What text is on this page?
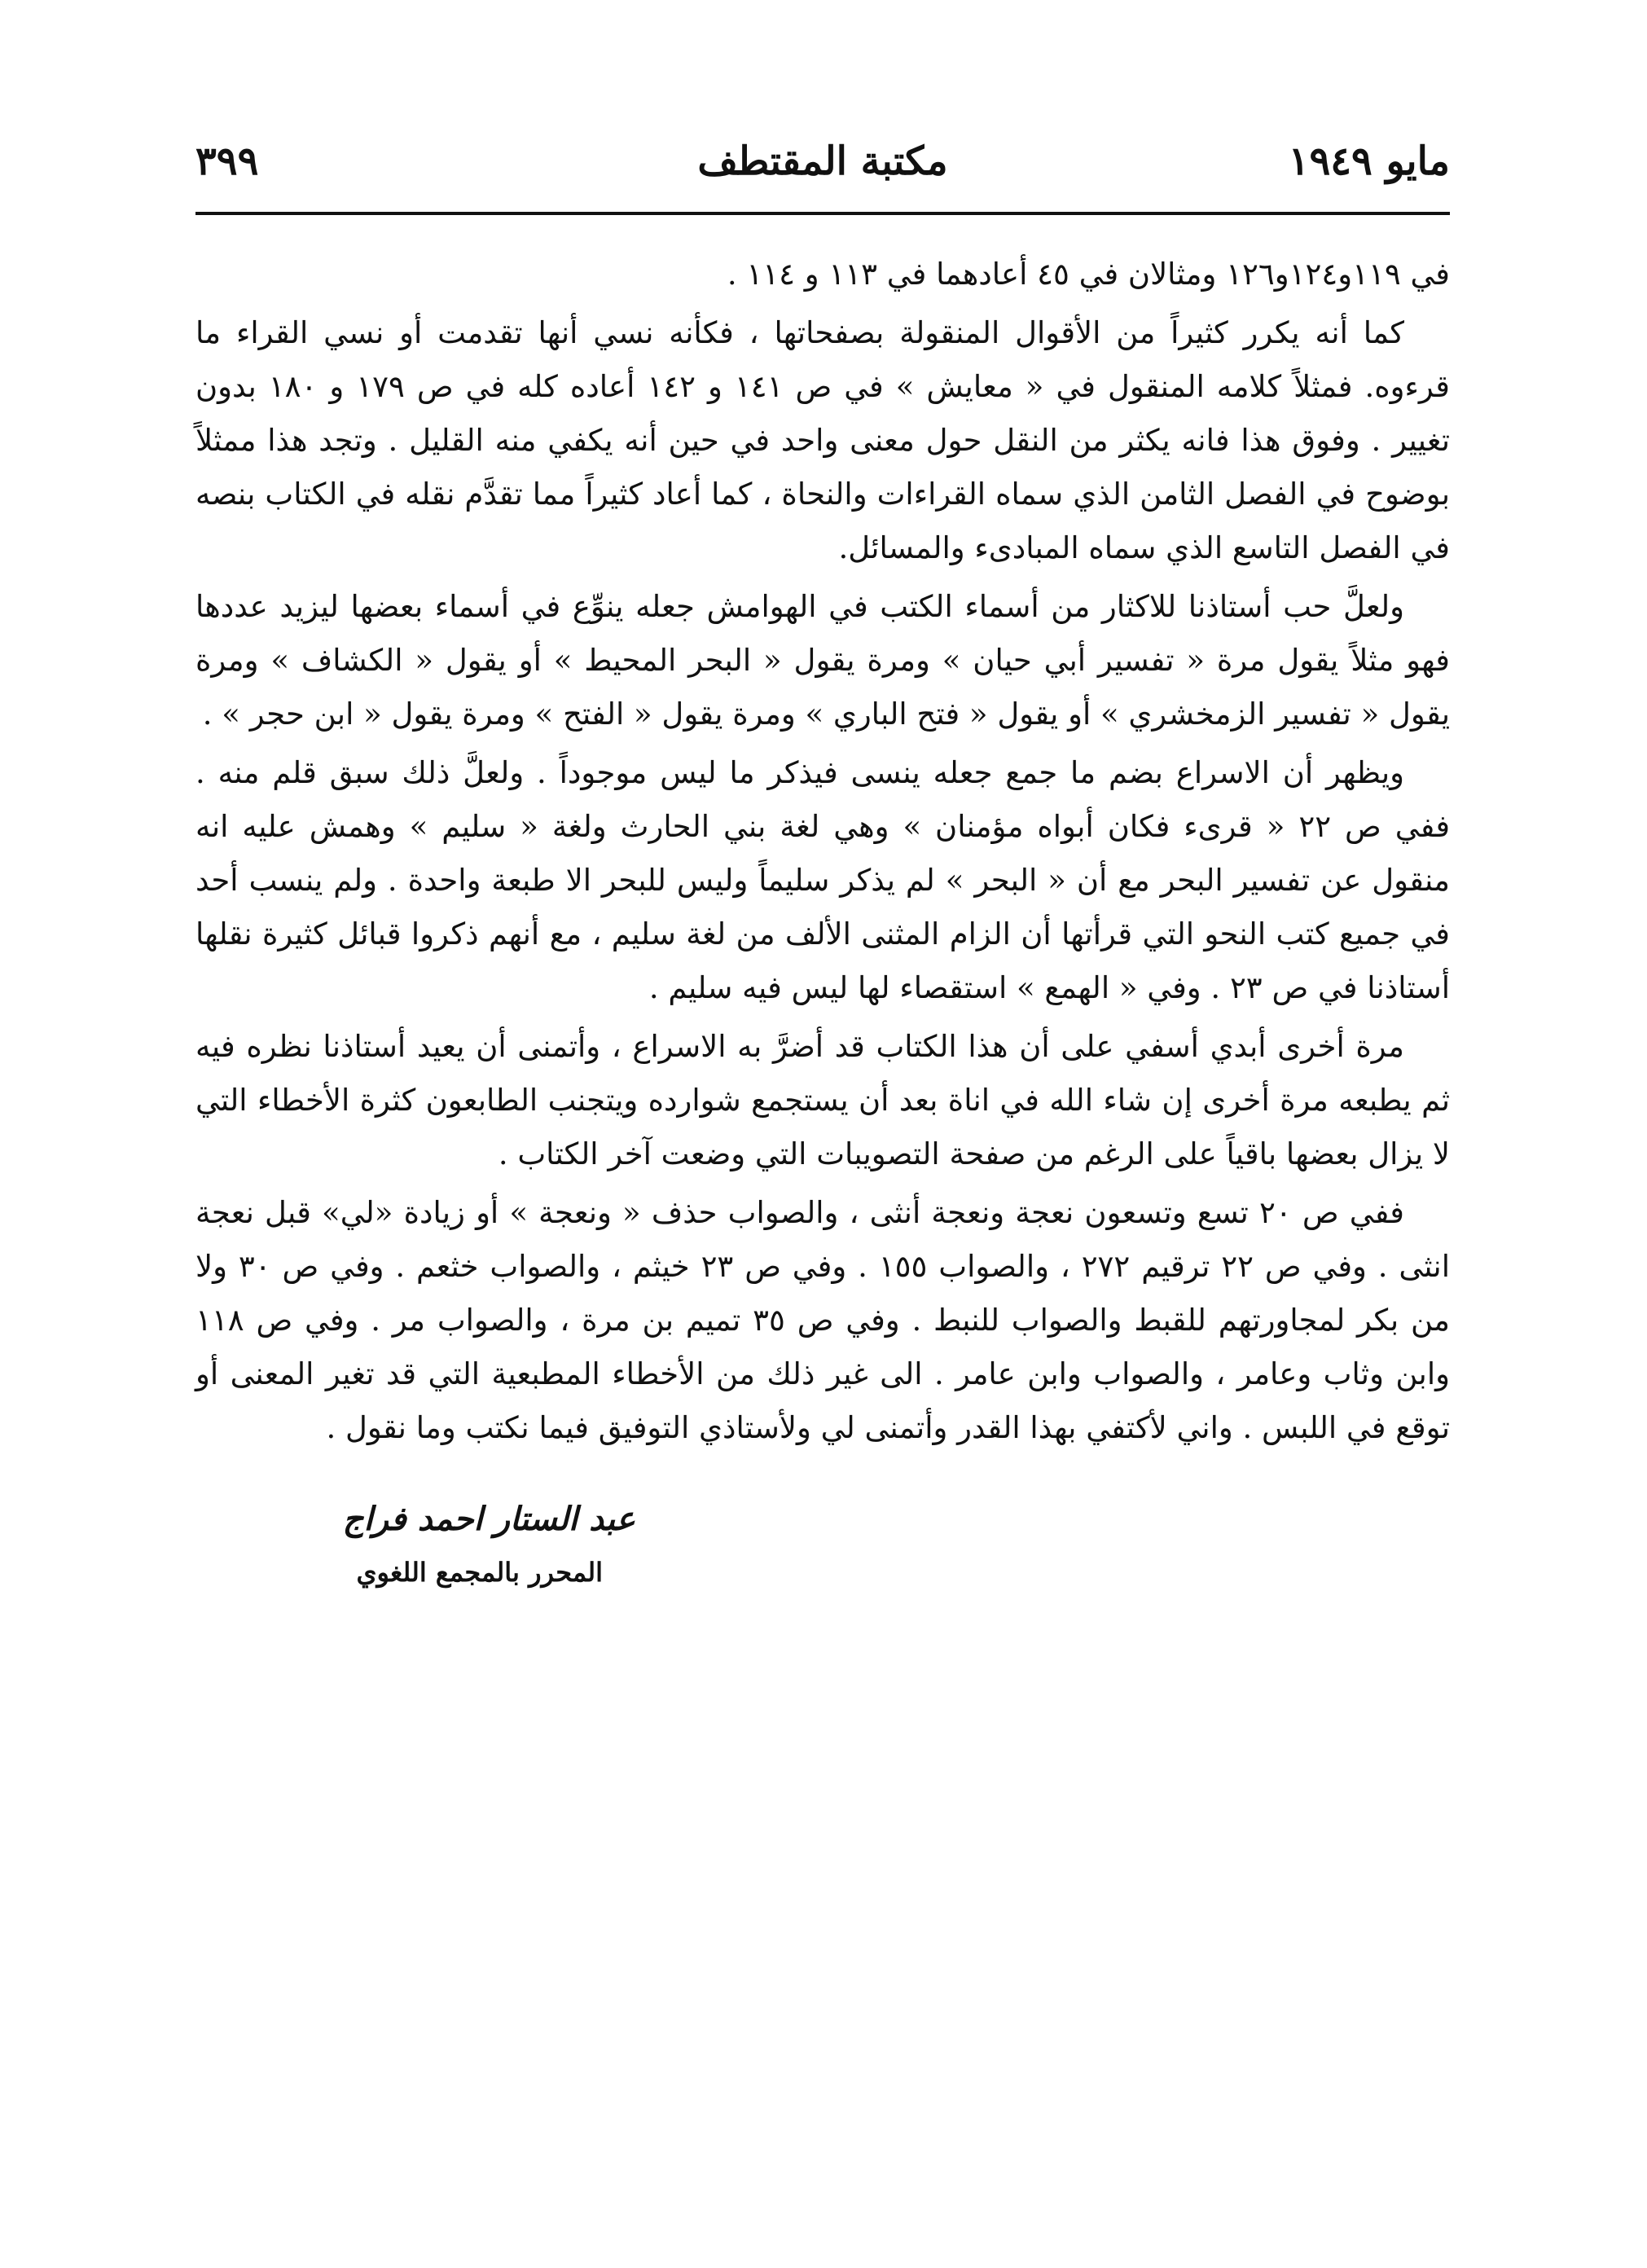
٣٩٩	مكتبة المقتطف	مايو ١٩٤٩

في ١١٩و١٢٤و١٢٦ ومثالان في ٤٥ أعادهما في ١١٣ و ١١٤ .

كما أنه يكرر كثيراً من الأقوال المنقولة بصفحاتها ، فكأنه نسي أنها تقدمت أو نسي القراء ما قرءوه. فمثلاً كلامه المنقول في « معايش » في ص ١٤١ و ١٤٢ أعاده كله في ص ١٧٩ و ١٨٠ بدون تغيير . وفوق هذا فانه يكثر من النقل حول معنى واحد في حين أنه يكفي منه القليل . وتجد هذا ممثلاً بوضوح في الفصل الثامن الذي سماه القراءات والنحاة ، كما أعاد كثيراً مما تقدَّم نقله في الكتاب بنصه في الفصل التاسع الذي سماه المبادىء والمسائل.

ولعلَّ حب أستاذنا للاكثار من أسماء الكتب في الهوامش جعله ينوِّع في أسماء بعضها ليزيد عددها فهو مثلاً يقول مرة « تفسير أبي حيان » ومرة يقول « البحر المحيط » أو يقول « الكشاف » ومرة يقول « تفسير الزمخشري » أو يقول « فتح الباري » ومرة يقول « الفتح » ومرة يقول « ابن حجر » .

ويظهر أن الاسراع بضم ما جمع جعله ينسى فيذكر ما ليس موجوداً . ولعلَّ ذلك سبق قلم منه . ففي ص ٢٢ « قرىء فكان أبواه مؤمنان » وهي لغة بني الحارث ولغة « سليم » وهمش عليه انه منقول عن تفسير البحر مع أن « البحر » لم يذكر سليماً وليس للبحر الا طبعة واحدة . ولم ينسب أحد في جميع كتب النحو التي قرأتها أن الزام المثنى الألف من لغة سليم ، مع أنهم ذكروا قبائل كثيرة نقلها أستاذنا في ص ٢٣ . وفي « الهمع » استقصاء لها ليس فيه سليم .

مرة أخرى أبدي أسفي على أن هذا الكتاب قد أضرَّ به الاسراع ، وأتمنى أن يعيد أستاذنا نظره فيه ثم يطبعه مرة أخرى إن شاء الله في اناة بعد أن يستجمع شوارده ويتجنب الطابعون كثرة الأخطاء التي لا يزال بعضها باقياً على الرغم من صفحة التصويبات التي وضعت آخر الكتاب .

ففي ص ٢٠ تسع وتسعون نعجة ونعجة أنثى ، والصواب حذف « ونعجة » أو زيادة «لي» قبل نعجة انثى . وفي ص ٢٢ ترقيم ٢٧٢ ، والصواب ١٥٥ . وفي ص ٢٣ خيثم ، والصواب خثعم . وفي ص ٣٠ ولا من بكر لمجاورتهم للقبط والصواب للنبط . وفي ص ٣٥ تميم بن مرة ، والصواب مر . وفي ص ١١٨ وابن وثاب وعامر ، والصواب وابن عامر . الى غير ذلك من الأخطاء المطبعية التي قد تغير المعنى أو توقع في اللبس . واني لأكتفي بهذا القدر وأتمنى لي ولأستاذي التوفيق فيما نكتب وما نقول .

عبد الستار احمد فراج
المحرر بالمجمع اللغوي
